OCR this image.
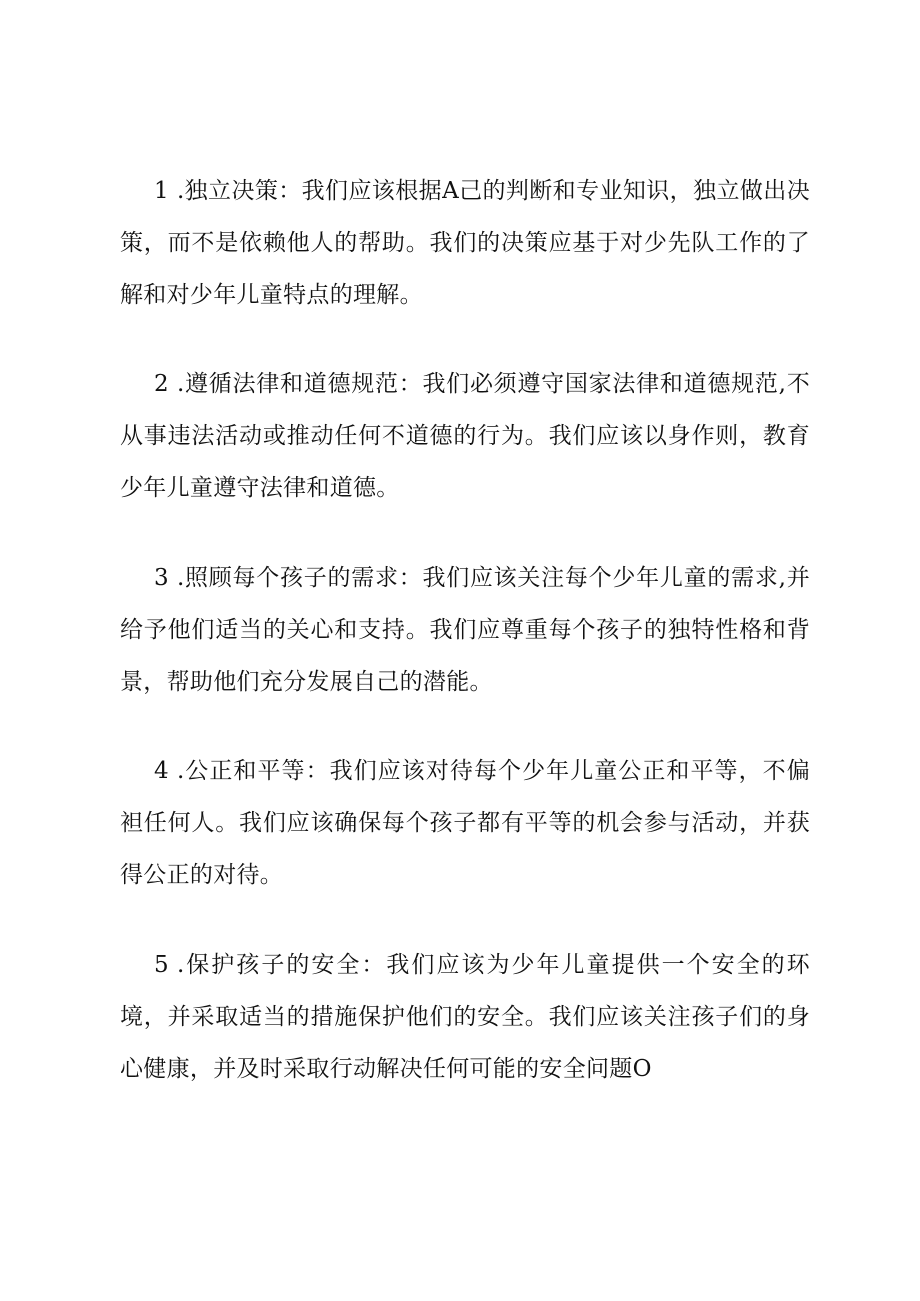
1 .独立决策：我们应该根据A己的判断和专业知识，独立做出决策，而不是依赖他人的帮助。我们的决策应基于对少先队工作的了解和对少年儿童特点的理解。

2 .遵循法律和道德规范：我们必须遵守国家法律和道德规范,不从事违法活动或推动任何不道德的行为。我们应该以身作则，教育少年儿童遵守法律和道德。

3 .照顾每个孩子的需求：我们应该关注每个少年儿童的需求,并给予他们适当的关心和支持。我们应尊重每个孩子的独特性格和背景，帮助他们充分发展自己的潜能。

4 .公正和平等：我们应该对待每个少年儿童公正和平等，不偏袒任何人。我们应该确保每个孩子都有平等的机会参与活动，并获得公正的对待。

5 .保护孩子的安全：我们应该为少年儿童提供一个安全的环境，并采取适当的措施保护他们的安全。我们应该关注孩子们的身心健康，并及时采取行动解决任何可能的安全问题O
